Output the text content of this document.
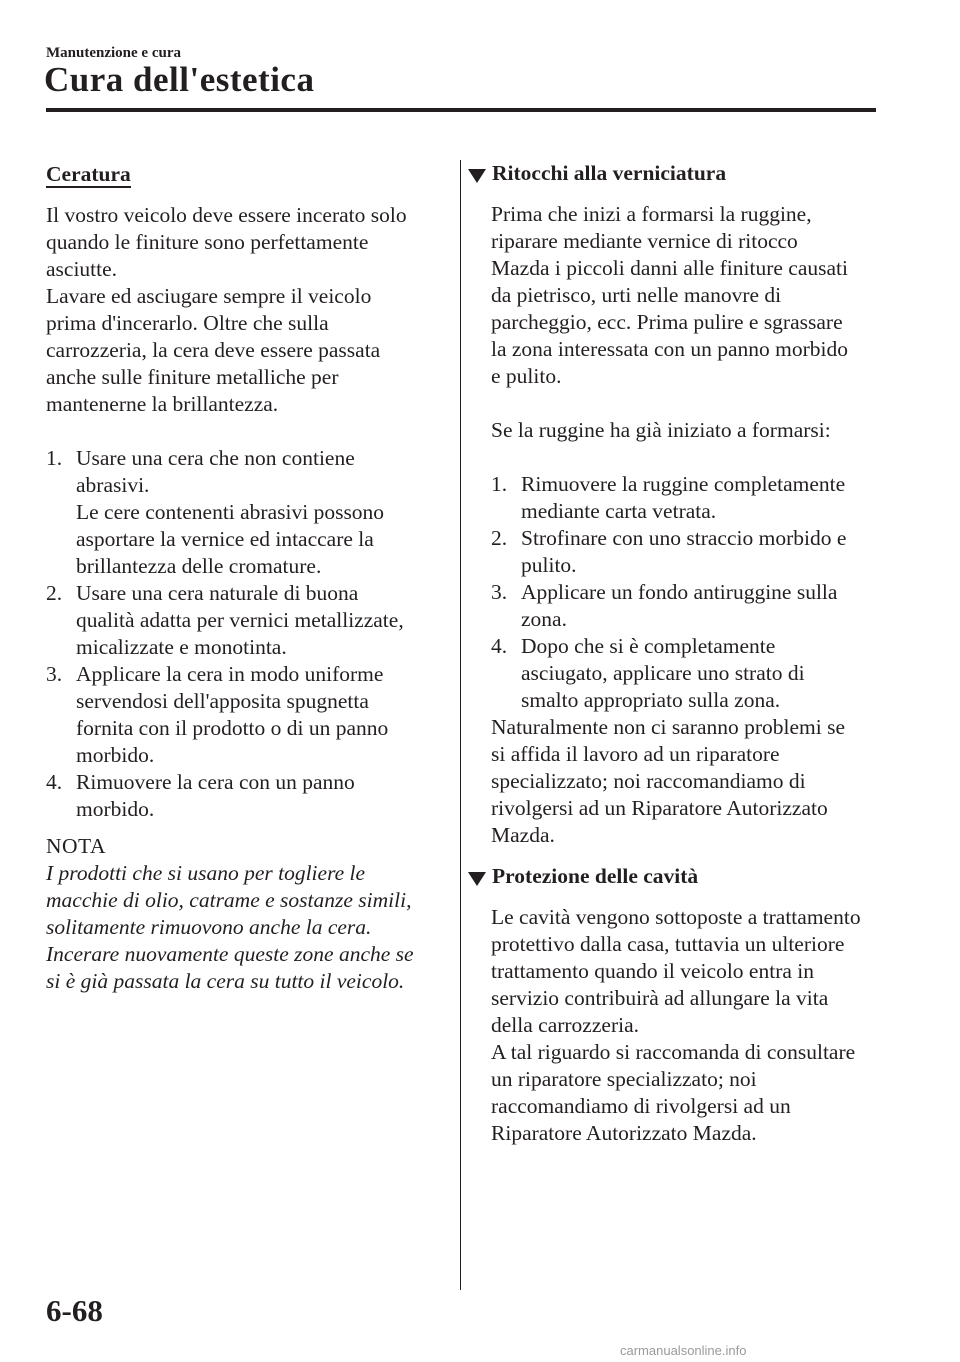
Manutenzione e cura
Cura dell'estetica
Ceratura

Il vostro veicolo deve essere incerato solo

quando le finiture sono perfettamente

asciutte.

Lavare ed asciugare sempre il veicolo

prima d'incerarlo. Oltre che sulla

carrozzeria, la cera deve essere passata

anche sulle finiture metalliche per

mantenerne la brillantezza.

1. Usare una cera che non contiene

abrasivi.

Le cere contenenti abrasivi possono

asportare la vernice ed intaccare la

brillantezza delle cromature.

2. Usare una cera naturale di buona

qualità adatta per vernici metallizzate,

micalizzate e monotinta.

3. Applicare la cera in modo uniforme

servendosi dell'apposita spugnetta

fornita con il prodotto o di un panno

morbido.

4. Rimuovere la cera con un panno

morbido.

NOTA

I prodotti che si usano per togliere le

macchie di olio, catrame e sostanze simili,

solitamente rimuovono anche la cera.

Incerare nuovamente queste zone anche se

si è già passata la cera su tutto il veicolo.

Ritocchi alla verniciatura

Prima che inizi a formarsi la ruggine,

riparare mediante vernice di ritocco

Mazda i piccoli danni alle finiture causati

da pietrisco, urti nelle manovre di

parcheggio, ecc. Prima pulire e sgrassare

la zona interessata con un panno morbido

e pulito.

Se la ruggine ha già iniziato a formarsi:

1. Rimuovere la ruggine completamente

mediante carta vetrata.

2. Strofinare con uno straccio morbido e

pulito.

3. Applicare un fondo antiruggine sulla

zona.

4. Dopo che si è completamente

asciugato, applicare uno strato di

smalto appropriato sulla zona.

Naturalmente non ci saranno problemi se

si affida il lavoro ad un riparatore

specializzato; noi raccomandiamo di

rivolgersi ad un Riparatore Autorizzato

Mazda.

Protezione delle cavità

Le cavità vengono sottoposte a trattamento

protettivo dalla casa, tuttavia un ulteriore

trattamento quando il veicolo entra in

servizio contribuirà ad allungare la vita

della carrozzeria.

A tal riguardo si raccomanda di consultare

un riparatore specializzato; noi

raccomandiamo di rivolgersi ad un

Riparatore Autorizzato Mazda.

6-68
carmanualsonline.info
